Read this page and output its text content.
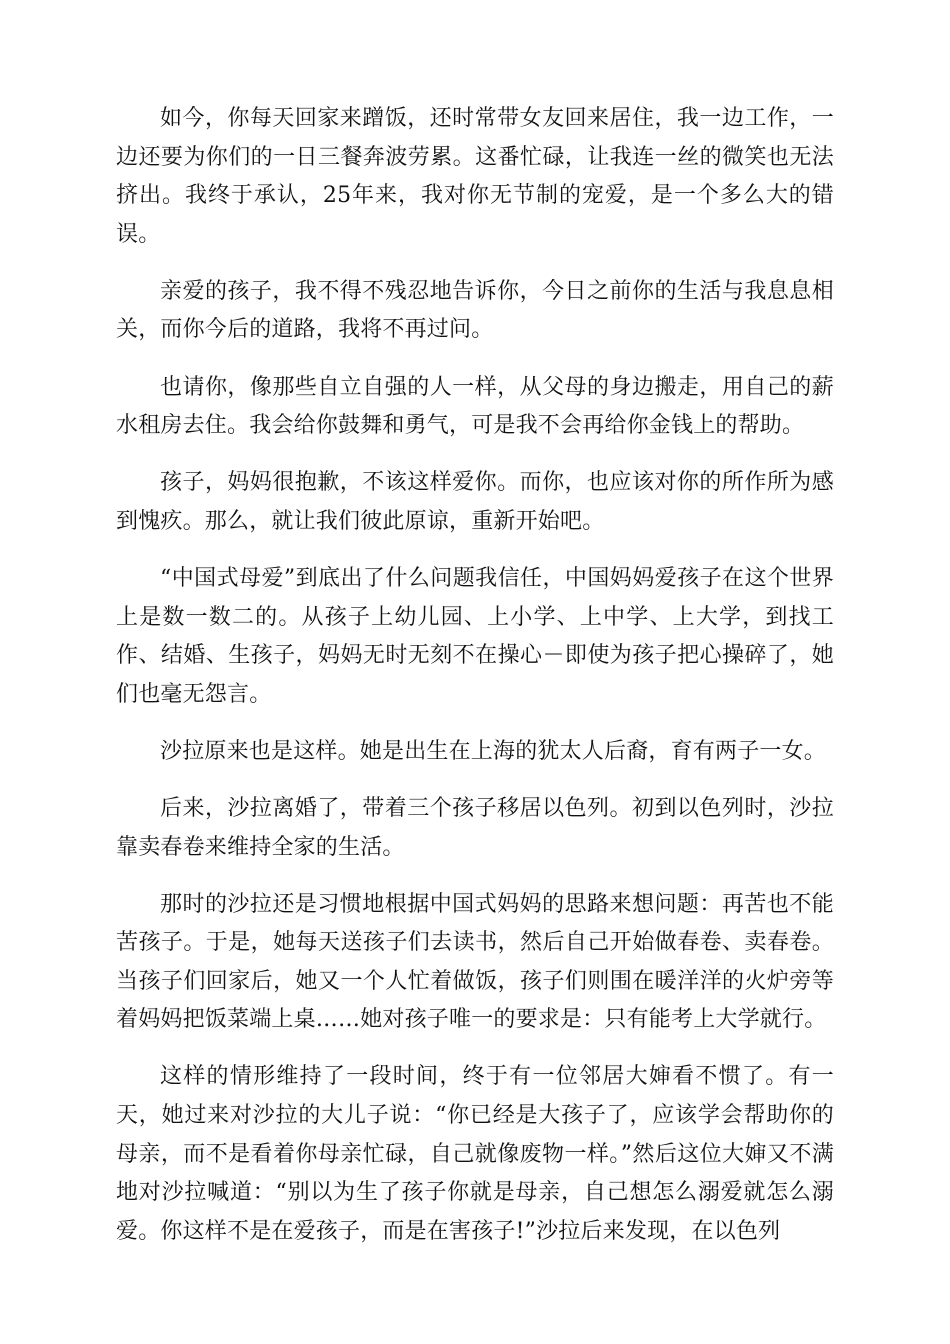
如今，你每天回家来蹭饭，还时常带女友回来居住，我一边工作，一边还要为你们的一日三餐奔波劳累。这番忙碌，让我连一丝的微笑也无法挤出。我终于承认，25年来，我对你无节制的宠爱，是一个多么大的错误。

亲爱的孩子，我不得不残忍地告诉你，今日之前你的生活与我息息相关，而你今后的道路，我将不再过问。

也请你，像那些自立自强的人一样，从父母的身边搬走，用自己的薪水租房去住。我会给你鼓舞和勇气，可是我不会再给你金钱上的帮助。

孩子，妈妈很抱歉，不该这样爱你。而你，也应该对你的所作所为感到愧疚。那么，就让我们彼此原谅，重新开始吧。

“中国式母爱”到底出了什么问题我信任，中国妈妈爱孩子在这个世界上是数一数二的。从孩子上幼儿园、上小学、上中学、上大学，到找工作、结婚、生孩子，妈妈无时无刻不在操心－即使为孩子把心操碎了，她们也毫无怨言。

沙拉原来也是这样。她是出生在上海的犹太人后裔，育有两子一女。

后来，沙拉离婚了，带着三个孩子移居以色列。初到以色列时，沙拉靠卖春卷来维持全家的生活。

那时的沙拉还是习惯地根据中国式妈妈的思路来想问题：再苦也不能苦孩子。于是，她每天送孩子们去读书，然后自己开始做春卷、卖春卷。当孩子们回家后，她又一个人忙着做饭，孩子们则围在暖洋洋的火炉旁等着妈妈把饭菜端上桌……她对孩子唯一的要求是：只有能考上大学就行。

这样的情形维持了一段时间，终于有一位邻居大婶看不惯了。有一天，她过来对沙拉的大儿子说：“你已经是大孩子了，应该学会帮助你的母亲，而不是看着你母亲忙碌，自己就像废物一样。”然后这位大婶又不满地对沙拉喊道：“别以为生了孩子你就是母亲，自己想怎么溺爱就怎么溺爱。你这样不是在爱孩子，而是在害孩子!”沙拉后来发现，在以色列
